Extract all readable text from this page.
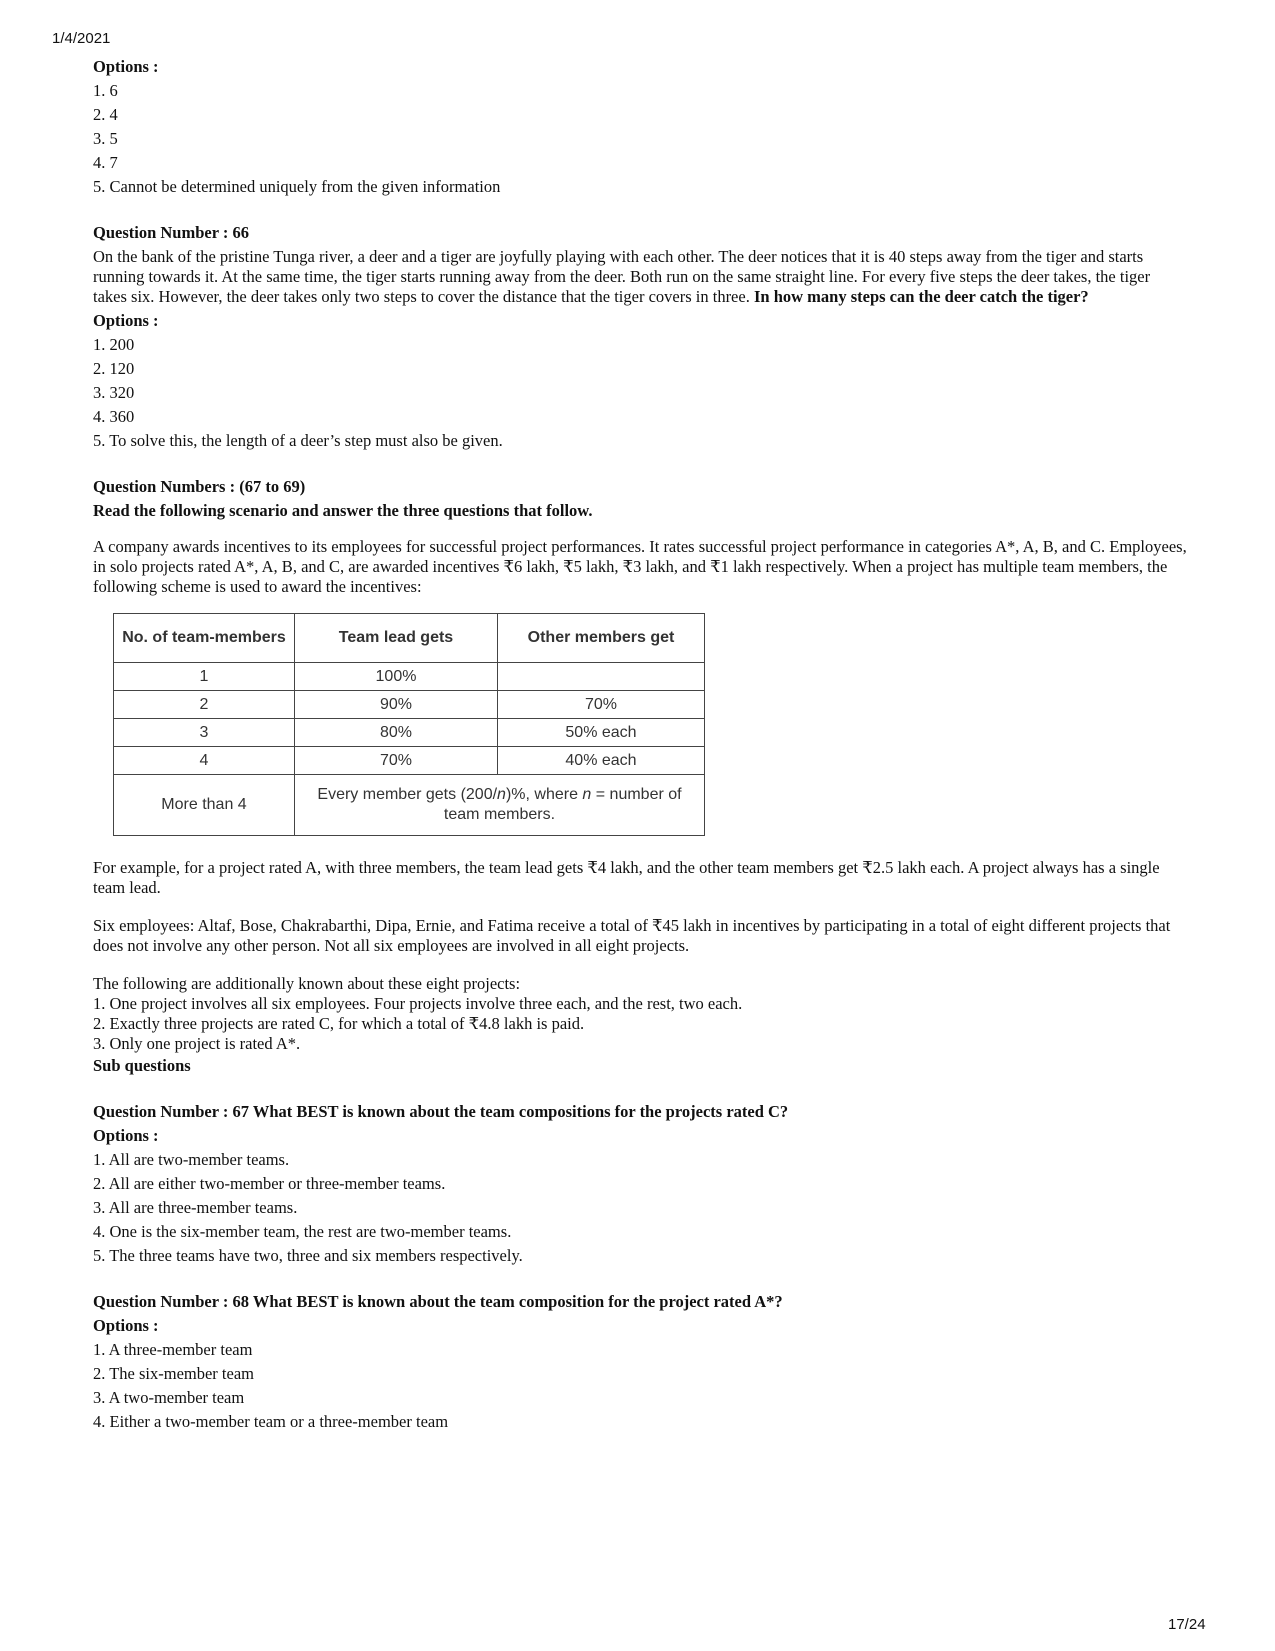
1/4/2021
Options :
1. 6
2. 4
3. 5
4. 7
5. Cannot be determined uniquely from the given information
Question Number : 66
On the bank of the pristine Tunga river, a deer and a tiger are joyfully playing with each other. The deer notices that it is 40 steps away from the tiger and starts running towards it. At the same time, the tiger starts running away from the deer. Both run on the same straight line. For every five steps the deer takes, the tiger takes six. However, the deer takes only two steps to cover the distance that the tiger covers in three. In how many steps can the deer catch the tiger?
Options :
1. 200
2. 120
3. 320
4. 360
5. To solve this, the length of a deer’s step must also be given.
Question Numbers : (67 to 69)
Read the following scenario and answer the three questions that follow.
A company awards incentives to its employees for successful project performances. It rates successful project performance in categories A*, A, B, and C. Employees, in solo projects rated A*, A, B, and C, are awarded incentives ₹6 lakh, ₹5 lakh, ₹3 lakh, and ₹1 lakh respectively. When a project has multiple team members, the following scheme is used to award the incentives:
No. of team-members	Team lead gets	Other members get
1	100%	
2	90%	70%
3	80%	50% each
4	70%	40% each
More than 4	Every member gets (200/n)%, where n = number of team members.	
For example, for a project rated A, with three members, the team lead gets ₹4 lakh, and the other team members get ₹2.5 lakh each. A project always has a single team lead.
Six employees: Altaf, Bose, Chakrabarthi, Dipa, Ernie, and Fatima receive a total of ₹45 lakh in incentives by participating in a total of eight different projects that does not involve any other person. Not all six employees are involved in all eight projects.
The following are additionally known about these eight projects:
1. One project involves all six employees. Four projects involve three each, and the rest, two each.
2. Exactly three projects are rated C, for which a total of ₹4.8 lakh is paid.
3. Only one project is rated A*.
Sub questions
Question Number : 67 What BEST is known about the team compositions for the projects rated C?
Options :
1. All are two-member teams.
2. All are either two-member or three-member teams.
3. All are three-member teams.
4. One is the six-member team, the rest are two-member teams.
5. The three teams have two, three and six members respectively.
Question Number : 68 What BEST is known about the team composition for the project rated A*?
Options :
1. A three-member team
2. The six-member team
3. A two-member team
4. Either a two-member team or a three-member team
17/24
